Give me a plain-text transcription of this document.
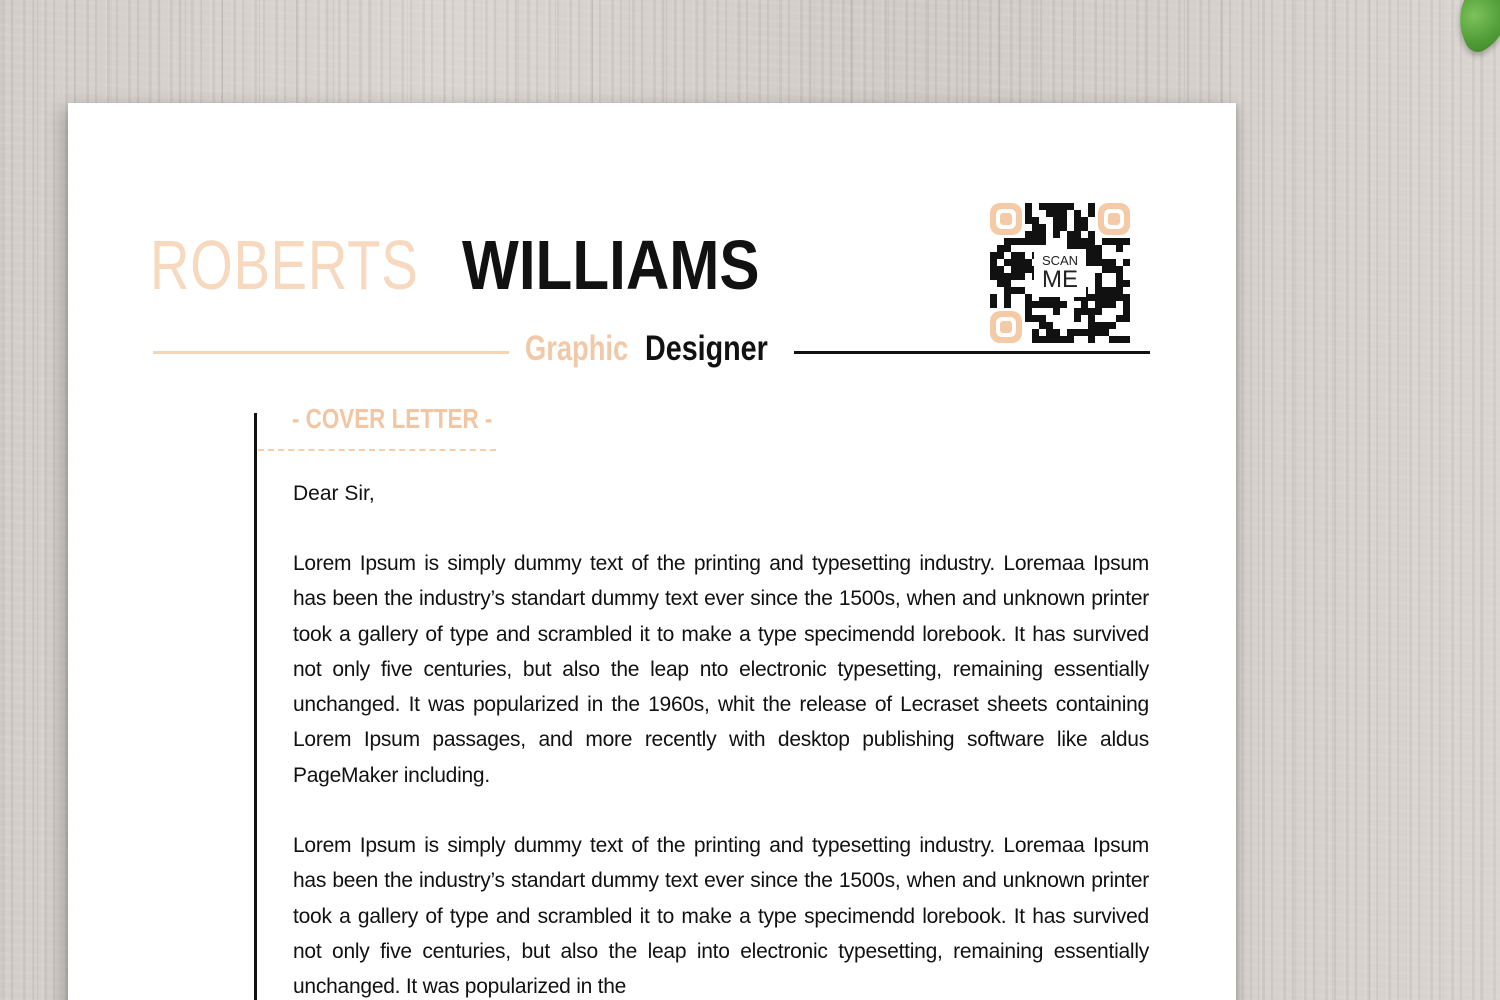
ROBERTS WILLIAMS
Graphic Designer
SCAN
ME
- COVER LETTER -

Dear Sir,

Lorem Ipsum is simply dummy text of the printing and typesetting industry. Loremaa Ipsum has been the industry’s standart dummy text ever since the 1500s, when and unknown printer took a gallery of type and scrambled it to make a type specimendd lorebook. It has survived not only five centuries, but also the leap nto electronic typesetting, remaining essentially unchanged. It was popularized in the 1960s, whit the release of Lecraset sheets containing Lorem Ipsum passages, and more recently with desktop publishing software like aldus PageMaker including.

Lorem Ipsum is simply dummy text of the printing and typesetting industry. Loremaa Ipsum has been the industry’s standart dummy text ever since the 1500s, when and unknown printer took a gallery of type and scrambled it to make a type specimendd lorebook. It has survived not only five centuries, but also the leap into electronic typesetting, remaining essentially unchanged. It was popularized in the
